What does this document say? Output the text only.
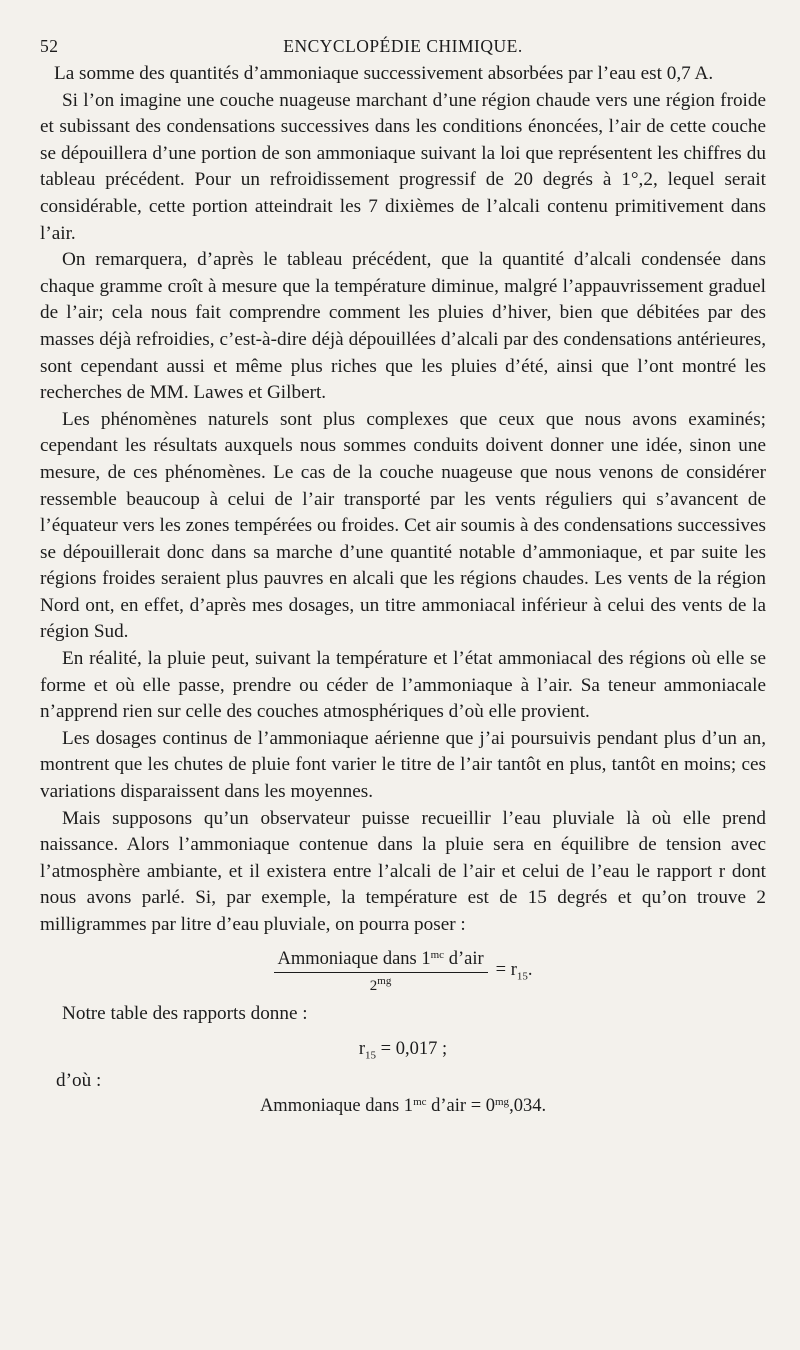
52	ENCYCLOPÉDIE CHIMIQUE.

La somme des quantités d’ammoniaque successivement absorbées par l’eau est 0,7 A.

Si l’on imagine une couche nuageuse marchant d’une région chaude vers une région froide et subissant des condensations successives dans les conditions énoncées, l’air de cette couche se dépouillera d’une portion de son ammoniaque suivant la loi que représentent les chiffres du tableau précédent. Pour un refroidissement progressif de 20 degrés à 1°,2, lequel serait considérable, cette portion atteindrait les 7 dixièmes de l’alcali contenu primitivement dans l’air.

On remarquera, d’après le tableau précédent, que la quantité d’alcali condensée dans chaque gramme croît à mesure que la température diminue, malgré l’appauvrissement graduel de l’air; cela nous fait comprendre comment les pluies d’hiver, bien que débitées par des masses déjà refroidies, c’est-à-dire déjà dépouillées d’alcali par des condensations antérieures, sont cependant aussi et même plus riches que les pluies d’été, ainsi que l’ont montré les recherches de MM. Lawes et Gilbert.

Les phénomènes naturels sont plus complexes que ceux que nous avons examinés; cependant les résultats auxquels nous sommes conduits doivent donner une idée, sinon une mesure, de ces phénomènes. Le cas de la couche nuageuse que nous venons de considérer ressemble beaucoup à celui de l’air transporté par les vents réguliers qui s’avancent de l’équateur vers les zones tempérées ou froides. Cet air soumis à des condensations successives se dépouillerait donc dans sa marche d’une quantité notable d’ammoniaque, et par suite les régions froides seraient plus pauvres en alcali que les régions chaudes. Les vents de la région Nord ont, en effet, d’après mes dosages, un titre ammoniacal inférieur à celui des vents de la région Sud.

En réalité, la pluie peut, suivant la température et l’état ammoniacal des régions où elle se forme et où elle passe, prendre ou céder de l’ammoniaque à l’air. Sa teneur ammoniacale n’apprend rien sur celle des couches atmosphériques d’où elle provient.

Les dosages continus de l’ammoniaque aérienne que j’ai poursuivis pendant plus d’un an, montrent que les chutes de pluie font varier le titre de l’air tantôt en plus, tantôt en moins; ces variations disparaissent dans les moyennes.

Mais supposons qu’un observateur puisse recueillir l’eau pluviale là où elle prend naissance. Alors l’ammoniaque contenue dans la pluie sera en équilibre de tension avec l’atmosphère ambiante, et il existera entre l’alcali de l’air et celui de l’eau le rapport r dont nous avons parlé. Si, par exemple, la température est de 15 degrés et qu’on trouve 2 milligrammes par litre d’eau pluviale, on pourra poser :

$\frac{Ammoniaque dans 1^{mc} d’air}{2^{mg}} = r_{15}$.
Notre table des rapports donne :
$r_{15} = 0,017$ ;
d’où :
Ammoniaque dans $1^{mc}$ d’air = $0^{mg},034$.
